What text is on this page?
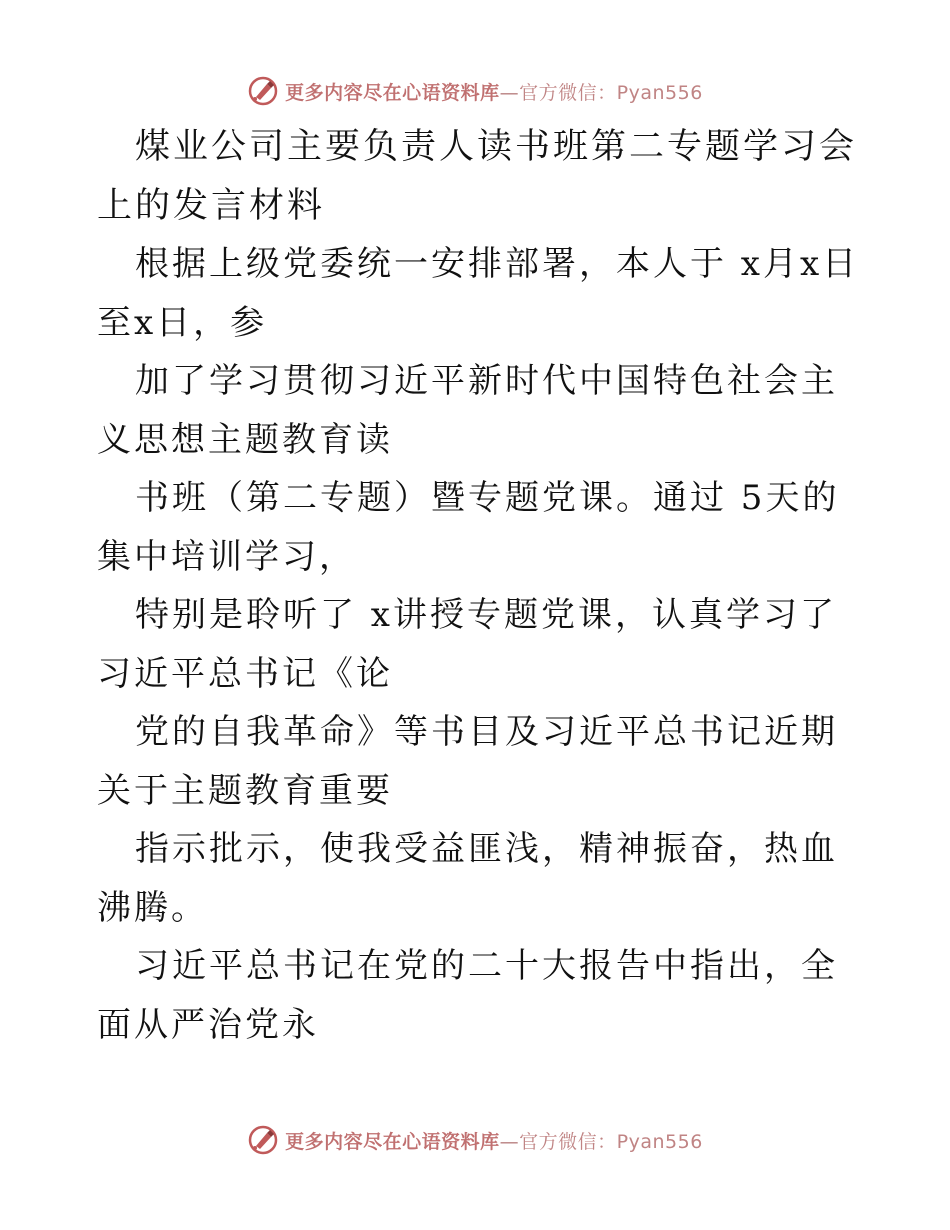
更多内容尽在心语资料库—官方微信：Pyan556

煤业公司主要负责人读书班第二专题学习会上的发言材料

根据上级党委统一安排部署，本人于 x月x日至x日，参

加了学习贯彻习近平新时代中国特色社会主义思想主题教育读

书班（第二专题）暨专题党课。通过 5天的集中培训学习，

特别是聆听了 x讲授专题党课，认真学习了习近平总书记《论

党的自我革命》等书目及习近平总书记近期关于主题教育重要

指示批示，使我受益匪浅，精神振奋，热血沸腾。

习近平总书记在党的二十大报告中指出，全面从严治党永

更多内容尽在心语资料库—官方微信：Pyan556
